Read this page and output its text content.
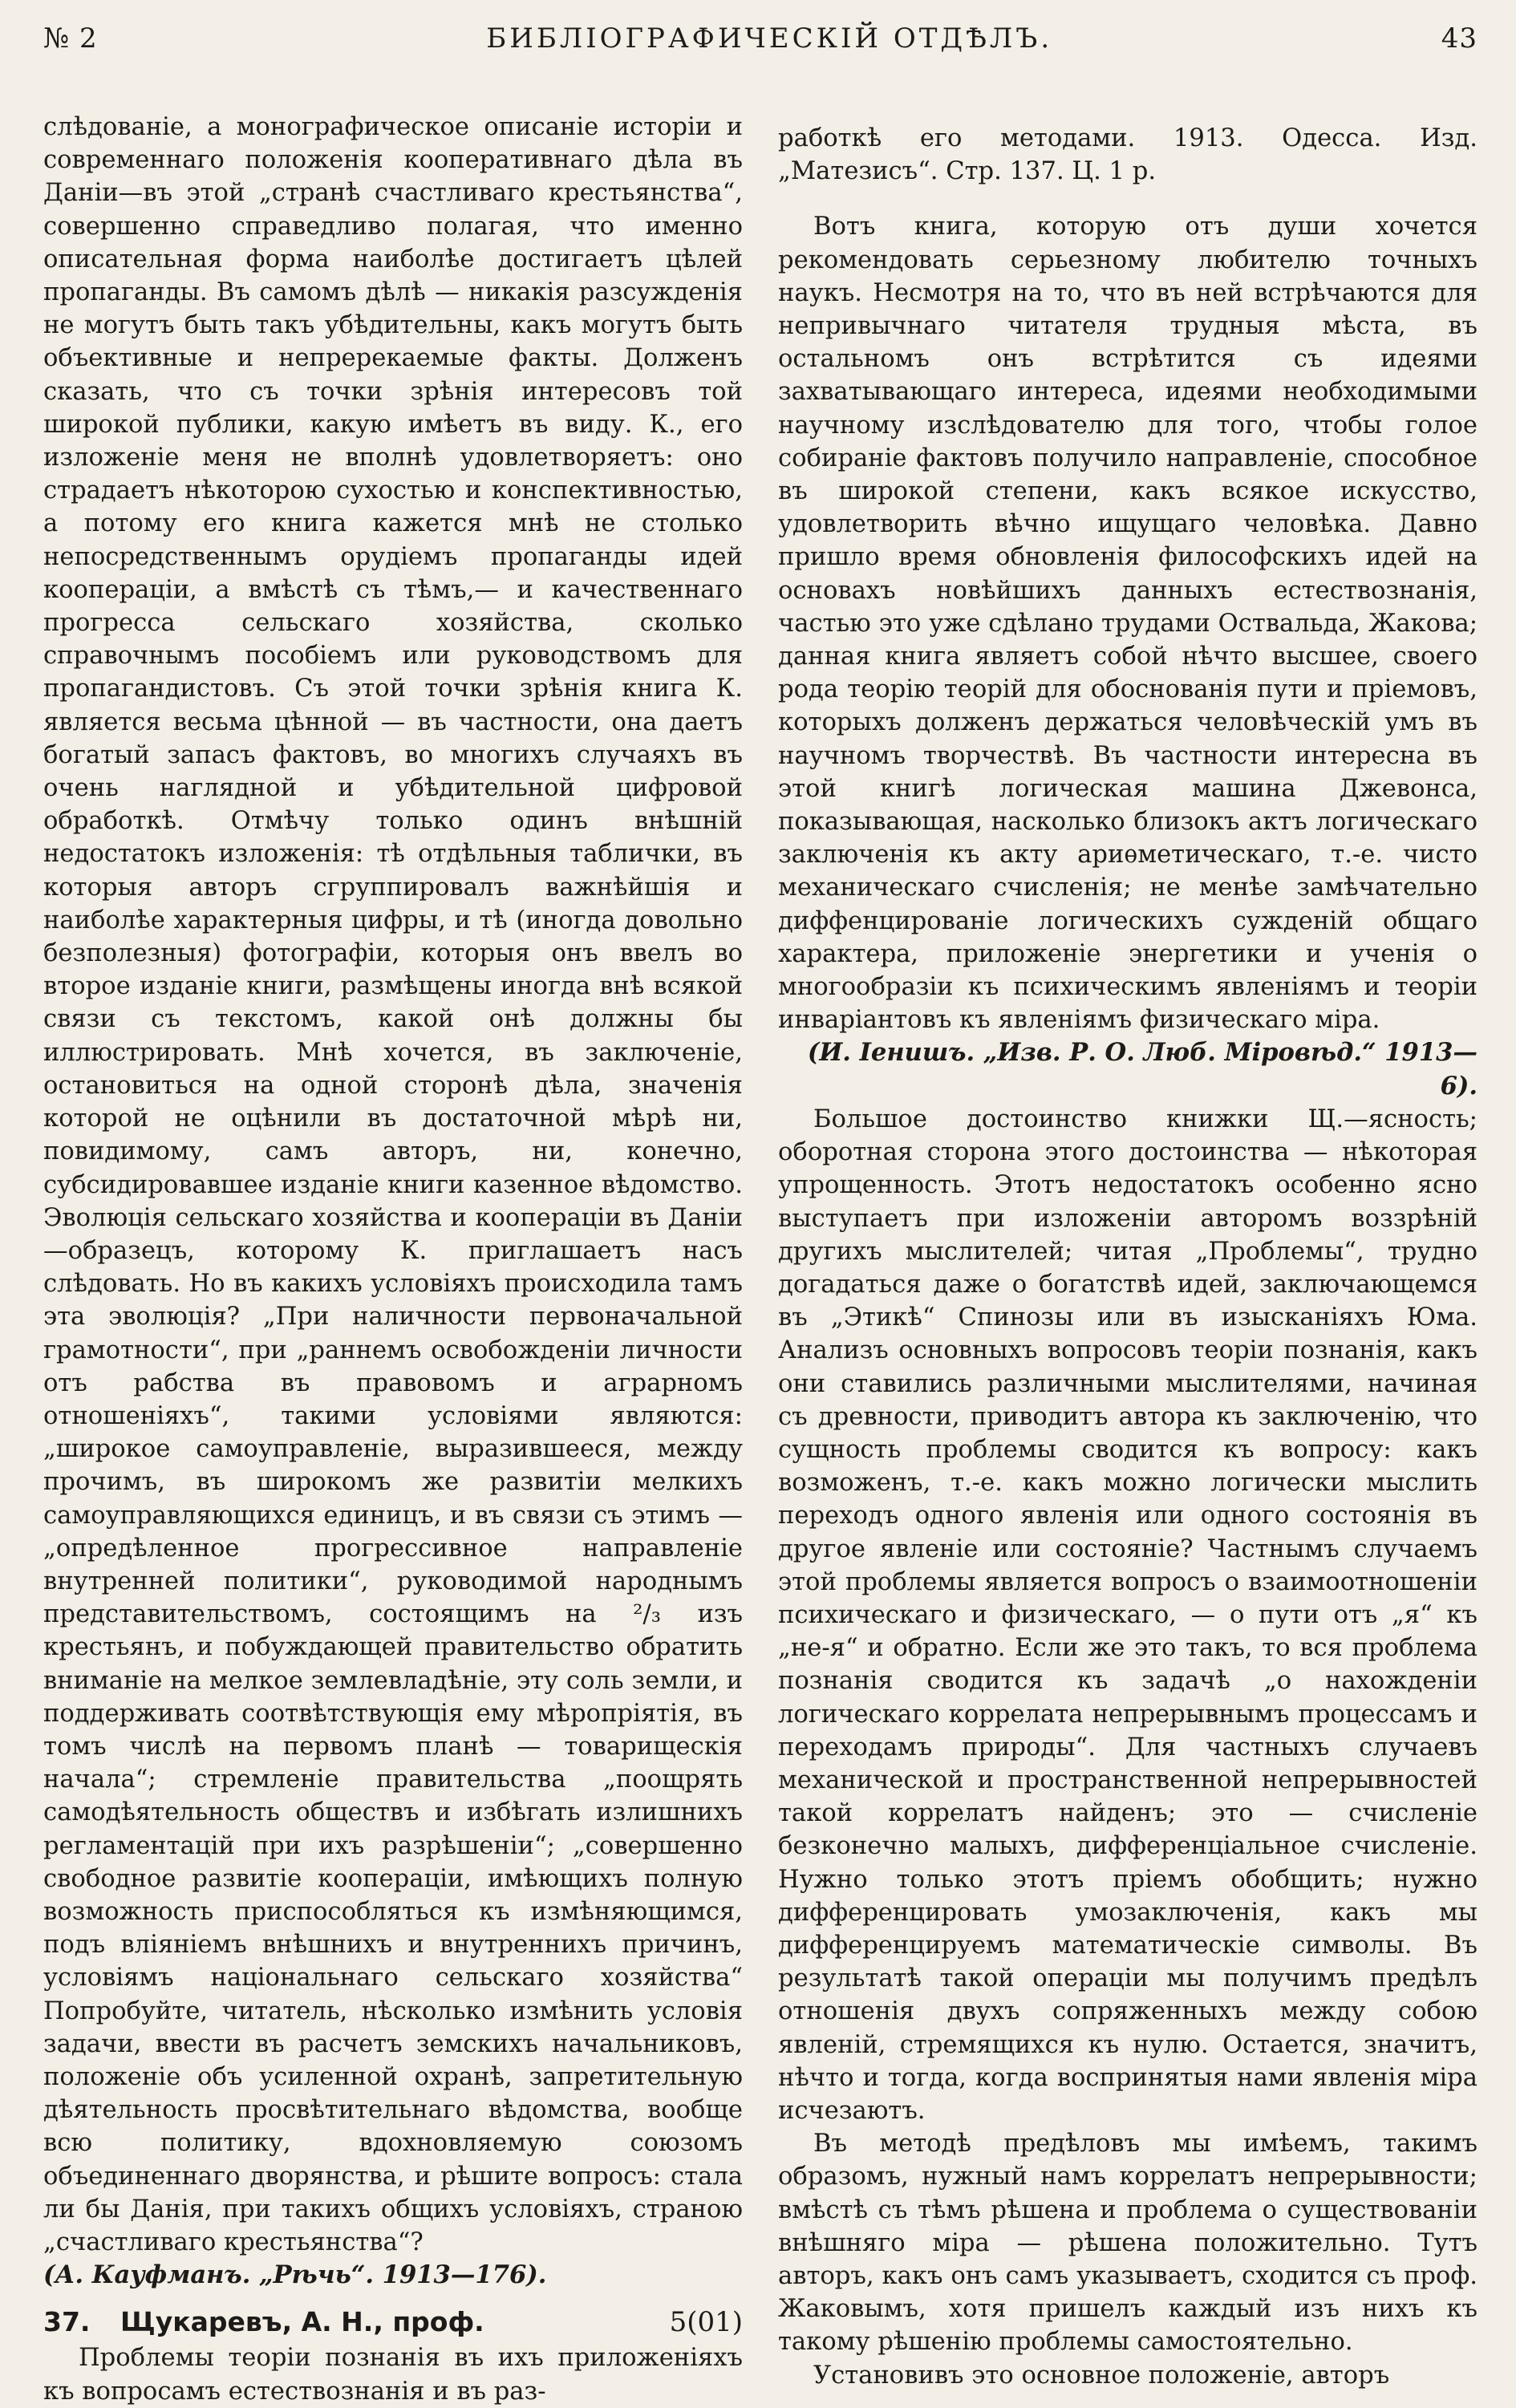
№ 2	БИБЛІОГРАФИЧЕСКІЙ ОТДѢЛЪ.	43

слѣдованіе, а монографическое описаніе исторіи и современнаго положенія кооперативнаго дѣла въ Даніи—въ этой „странѣ счастливаго крестьянства“, совершенно справедливо полагая, что именно описательная форма наиболѣе достигаетъ цѣлей пропаганды. Въ самомъ дѣлѣ — никакія разсужденія не могутъ быть такъ убѣдительны, какъ могутъ быть объективные и непререкаемые факты. Долженъ сказать, что съ точки зрѣнія интересовъ той широкой публики, какую имѣетъ въ виду. К., его изложеніе меня не вполнѣ удовлетворяетъ: оно страдаетъ нѣкоторою сухостью и конспективностью, а потому его книга кажется мнѣ не столько непосредственнымъ орудіемъ пропаганды идей коопераціи, а вмѣстѣ съ тѣмъ,— и качественнаго прогресса сельскаго хозяйства, сколько справочнымъ пособіемъ или руководствомъ для пропагандистовъ. Съ этой точки зрѣнія книга К. является весьма цѣнной — въ частности, она даетъ богатый запасъ фактовъ, во многихъ случаяхъ въ очень наглядной и убѣдительной цифровой обработкѣ. Отмѣчу только одинъ внѣшній недостатокъ изложенія: тѣ отдѣльныя таблички, въ которыя авторъ сгруппировалъ важнѣйшія и наиболѣе характерныя цифры, и тѣ (иногда довольно безполезныя) фотографіи, которыя онъ ввелъ во второе изданіе книги, размѣщены иногда внѣ всякой связи съ текстомъ, какой онѣ должны бы иллюстрировать. Мнѣ хочется, въ заключеніе, остановиться на одной сторонѣ дѣла, значенія которой не оцѣнили въ достаточной мѣрѣ ни, повидимому, самъ авторъ, ни, конечно, субсидировавшее изданіе книги казенное вѣдомство. Эволюція сельскаго хозяйства и коопераціи въ Даніи—образецъ, которому К. приглашаетъ насъ слѣдовать. Но въ какихъ условіяхъ происходила тамъ эта эволюція? „При наличности первоначальной грамотности“, при „раннемъ освобожденіи личности отъ рабства въ правовомъ и аграрномъ отношеніяхъ“, такими условіями являются: „широкое самоуправленіе, выразившееся, между прочимъ, въ широкомъ же развитіи мелкихъ самоуправляющихся единицъ, и въ связи съ этимъ — „опредѣленное прогрессивное направленіе внутренней политики“, руководимой народнымъ представительствомъ, состоящимъ на ²/₃ изъ крестьянъ, и побуждающей правительство обратить вниманіе на мелкое землевладѣніе, эту соль земли, и поддерживать соотвѣтствующія ему мѣропріятія, въ томъ числѣ на первомъ планѣ — товарищескія начала“; стремленіе правительства „поощрять самодѣятельность обществъ и избѣгать излишнихъ регламентацій при ихъ разрѣшеніи“; „совершенно свободное развитіе коопераціи, имѣющихъ полную возможность приспособляться къ измѣняющимся, подъ вліяніемъ внѣшнихъ и внутреннихъ причинъ, условіямъ національнаго сельскаго хозяйства“ Попробуйте, читатель, нѣсколько измѣнить условія задачи, ввести въ расчетъ земскихъ начальниковъ, положеніе объ усиленной охранѣ, запретительную дѣятельность просвѣтительнаго вѣдомства, вообще всю политику, вдохновляемую союзомъ объединеннаго дворянства, и рѣшите вопросъ: стала ли бы Данія, при такихъ общихъ условіяхъ, страною „счастливаго крестьянства“?

(А. Кауфманъ. „Рѣчь“. 1913—176).

37. Щукаревъ, А. Н., проф.	5(01)

Проблемы теоріи познанія въ ихъ приложеніяхъ къ вопросамъ естествознанія и въ раз-

работкѣ его методами. 1913. Одесса. Изд. „Матезисъ“. Стр. 137. Ц. 1 р.

Вотъ книга, которую отъ души хочется рекомендовать серьезному любителю точныхъ наукъ. Несмотря на то, что въ ней встрѣчаются для непривычнаго читателя трудныя мѣста, въ остальномъ онъ встрѣтится съ идеями захватывающаго интереса, идеями необходимыми научному изслѣдователю для того, чтобы голое собираніе фактовъ получило направленіе, способное въ широкой степени, какъ всякое искусство, удовлетворить вѣчно ищущаго человѣка. Давно пришло время обновленія философскихъ идей на основахъ новѣйшихъ данныхъ естествознанія, частью это уже сдѣлано трудами Оствальда, Жакова; данная книга являетъ собой нѣчто высшее, своего рода теорію теорій для обоснованія пути и пріемовъ, которыхъ долженъ держаться человѣческій умъ въ научномъ творчествѣ. Въ частности интересна въ этой книгѣ логическая машина Джевонса, показывающая, насколько близокъ актъ логическаго заключенія къ акту ариѳметическаго, т.-е. чисто механическаго счисленія; не менѣе замѣчательно диффенцированіе логическихъ сужденій общаго характера, приложеніе энергетики и ученія о многообразіи къ психическимъ явленіямъ и теоріи инваріантовъ къ явленіямъ физическаго міра.

(И. Іенишъ. „Изв. Р. О. Люб. Міровѣд.“ 1913—6).

Большое достоинство книжки Щ.—ясность; оборотная сторона этого достоинства — нѣкоторая упрощенность. Этотъ недостатокъ особенно ясно выступаетъ при изложеніи авторомъ воззрѣній другихъ мыслителей; читая „Проблемы“, трудно догадаться даже о богатствѣ идей, заключающемся въ „Этикѣ“ Спинозы или въ изысканіяхъ Юма. Анализъ основныхъ вопросовъ теоріи познанія, какъ они ставились различными мыслителями, начиная съ древности, приводитъ автора къ заключенію, что сущность проблемы сводится къ вопросу: какъ возможенъ, т.-е. какъ можно логически мыслить переходъ одного явленія или одного состоянія въ другое явленіе или состояніе? Частнымъ случаемъ этой проблемы является вопросъ о взаимоотношеніи психическаго и физическаго, — о пути отъ „я“ къ „не-я“ и обратно. Если же это такъ, то вся проблема познанія сводится къ задачѣ „о нахожденіи логическаго коррелата непрерывнымъ процессамъ и переходамъ природы“. Для частныхъ случаевъ механической и пространственной непрерывностей такой коррелатъ найденъ; это — счисленіе безконечно малыхъ, дифференціальное счисленіе. Нужно только этотъ пріемъ обобщить; нужно дифференцировать умозаключенія, какъ мы дифференцируемъ математическіе символы. Въ результатѣ такой операціи мы получимъ предѣлъ отношенія двухъ сопряженныхъ между собою явленій, стремящихся къ нулю. Остается, значитъ, нѣчто и тогда, когда воспринятыя нами явленія міра исчезаютъ.

Въ методѣ предѣловъ мы имѣемъ, такимъ образомъ, нужный намъ коррелатъ непрерывности; вмѣстѣ съ тѣмъ рѣшена и проблема о существованіи внѣшняго міра — рѣшена положительно. Тутъ авторъ, какъ онъ самъ указываетъ, сходится съ проф. Жаковымъ, хотя пришелъ каждый изъ нихъ къ такому рѣшенію проблемы самостоятельно.

Установивъ это основное положеніе, авторъ
